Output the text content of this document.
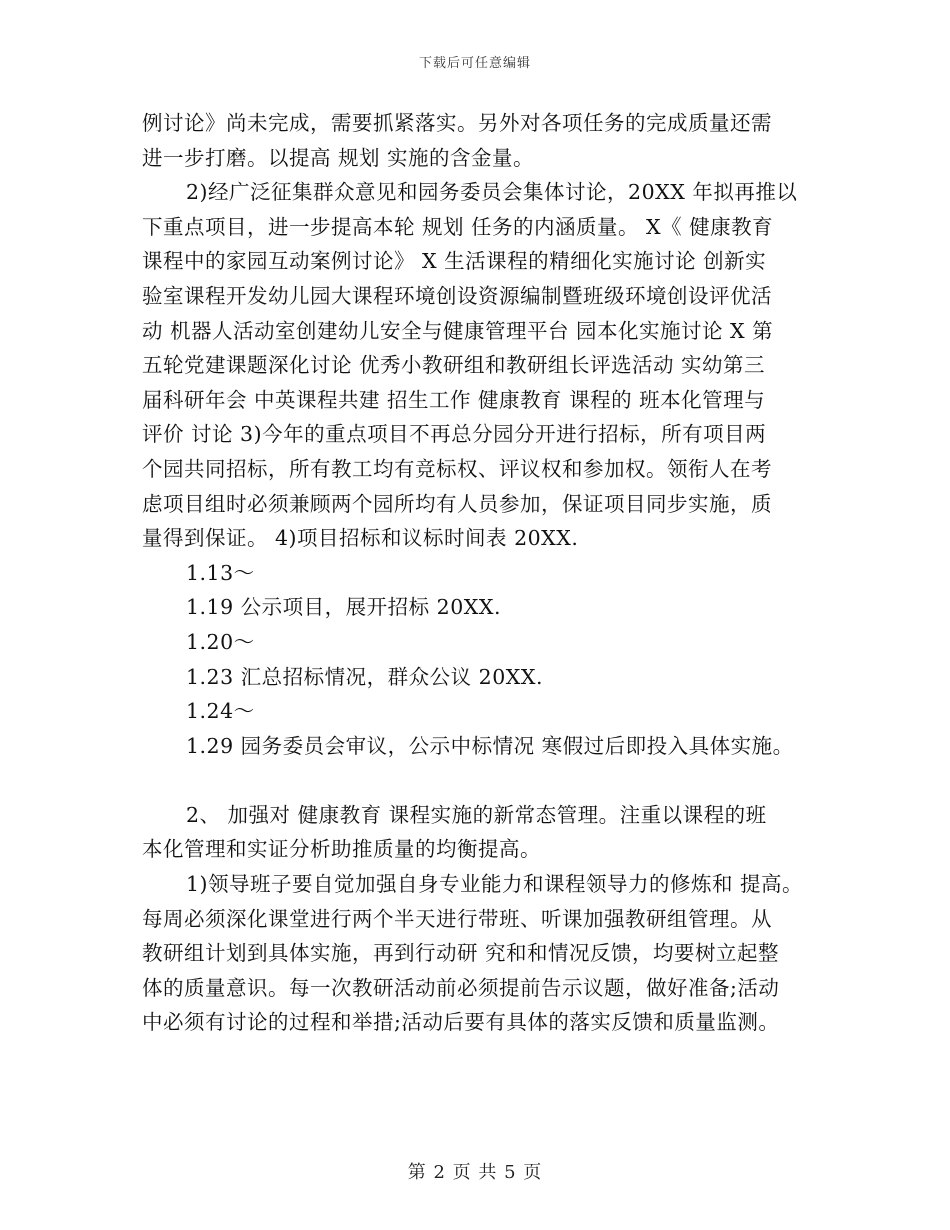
下载后可任意编辑
例讨论》尚未完成，需要抓紧落实。另外对各项任务的完成质量还需
进一步打磨。以提高 规划 实施的含金量。
2)经广泛征集群众意见和园务委员会集体讨论，20XX 年拟再推以
下重点项目，进一步提高本轮 规划 任务的内涵质量。 X《 健康教育
课程中的家园互动案例讨论》 X 生活课程的精细化实施讨论 创新实
验室课程开发幼儿园大课程环境创设资源编制暨班级环境创设评优活
动 机器人活动室创建幼儿安全与健康管理平台 园本化实施讨论 X 第
五轮党建课题深化讨论 优秀小教研组和教研组长评选活动 实幼第三
届科研年会 中英课程共建 招生工作 健康教育 课程的 班本化管理与
评价 讨论 3)今年的重点项目不再总分园分开进行招标，所有项目两
个园共同招标，所有教工均有竞标权、评议权和参加权。领衔人在考
虑项目组时必须兼顾两个园所均有人员参加，保证项目同步实施，质
量得到保证。 4)项目招标和议标时间表 20XX.
1.13～
1.19 公示项目，展开招标 20XX.
1.20～
1.23 汇总招标情况，群众公议 20XX.
1.24～
1.29 园务委员会审议，公示中标情况 寒假过后即投入具体实施。
2、 加强对 健康教育 课程实施的新常态管理。注重以课程的班
本化管理和实证分析助推质量的均衡提高。
1)领导班子要自觉加强自身专业能力和课程领导力的修炼和 提高。
每周必须深化课堂进行两个半天进行带班、听课加强教研组管理。从
教研组计划到具体实施，再到行动研 究和和情况反馈，均要树立起整
体的质量意识。每一次教研活动前必须提前告示议题，做好准备;活动
中必须有讨论的过程和举措;活动后要有具体的落实反馈和质量监测。
第 2 页 共 5 页
